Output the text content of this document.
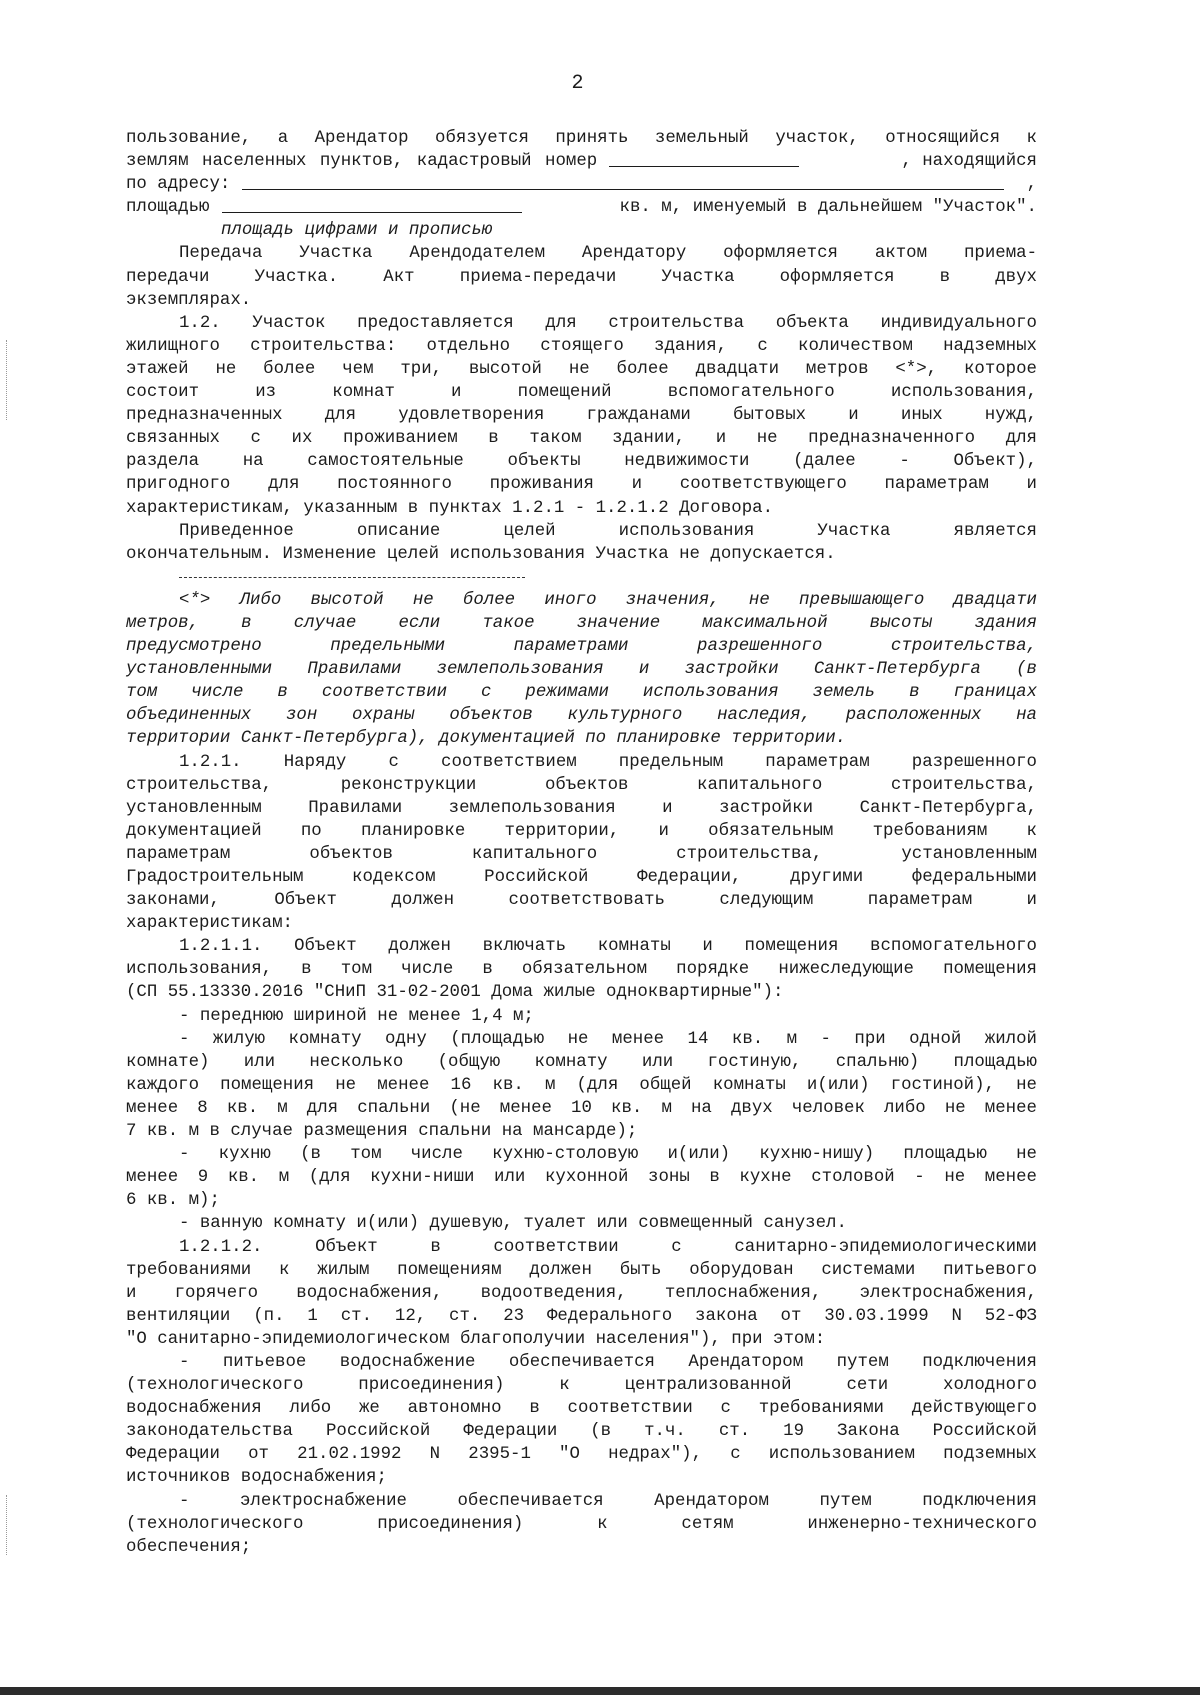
2
пользование, а Арендатор обязуется принять земельный участок, относящийся к
землям населенных пунктов, кадастровый номер	, находящийся
по адресу:	,
площадью	кв. м, именуемый в дальнейшем "Участок".
площадь цифрами и прописью
Передача Участка Арендодателем Арендатору оформляется актом приема-
передачи Участка. Акт приема-передачи Участка оформляется в двух
экземплярах.
1.2. Участок предоставляется для строительства объекта индивидуального
жилищного строительства: отдельно стоящего здания, с количеством надземных
этажей не более чем три, высотой не более двадцати метров <*>, которое
состоит из комнат и помещений вспомогательного использования,
предназначенных для удовлетворения гражданами бытовых и иных нужд,
связанных с их проживанием в таком здании, и не предназначенного для
раздела на самостоятельные объекты недвижимости (далее - Объект),
пригодного для постоянного проживания и соответствующего параметрам и
характеристикам, указанным в пунктах 1.2.1 - 1.2.1.2 Договора.
Приведенное описание целей использования Участка является
окончательным. Изменение целей использования Участка не допускается.
<*> Либо высотой не более иного значения, не превышающего двадцати
метров, в случае если такое значение максимальной высоты здания
предусмотрено предельными параметрами разрешенного строительства,
установленными Правилами землепользования и застройки Санкт-Петербурга (в
том числе в соответствии с режимами использования земель в границах
объединенных зон охраны объектов культурного наследия, расположенных на
территории Санкт-Петербурга), документацией по планировке территории.
1.2.1. Наряду с соответствием предельным параметрам разрешенного
строительства, реконструкции объектов капитального строительства,
установленным Правилами землепользования и застройки Санкт-Петербурга,
документацией по планировке территории, и обязательным требованиям к
параметрам объектов капитального строительства, установленным
Градостроительным кодексом Российской Федерации, другими федеральными
законами, Объект должен соответствовать следующим параметрам и
характеристикам:
1.2.1.1. Объект должен включать комнаты и помещения вспомогательного
использования, в том числе в обязательном порядке нижеследующие помещения
(СП 55.13330.2016 "СНиП 31-02-2001 Дома жилые одноквартирные"):
- переднюю шириной не менее 1,4 м;
- жилую комнату одну (площадью не менее 14 кв. м - при одной жилой
комнате) или несколько (общую комнату или гостиную, спальню) площадью
каждого помещения не менее 16 кв. м (для общей комнаты и(или) гостиной), не
менее 8 кв. м для спальни (не менее 10 кв. м на двух человек либо не менее
7 кв. м в случае размещения спальни на мансарде);
- кухню (в том числе кухню-столовую и(или) кухню-нишу) площадью не
менее 9 кв. м (для кухни-ниши или кухонной зоны в кухне столовой - не менее
6 кв. м);
- ванную комнату и(или) душевую, туалет или совмещенный санузел.
1.2.1.2. Объект в соответствии с санитарно-эпидемиологическими
требованиями к жилым помещениям должен быть оборудован системами питьевого
и горячего водоснабжения, водоотведения, теплоснабжения, электроснабжения,
вентиляции (п. 1 ст. 12, ст. 23 Федерального закона от 30.03.1999 N 52-ФЗ
"О санитарно-эпидемиологическом благополучии населения"), при этом:
- питьевое водоснабжение обеспечивается Арендатором путем подключения
(технологического присоединения) к централизованной сети холодного
водоснабжения либо же автономно в соответствии с требованиями действующего
законодательства Российской Федерации (в т.ч. ст. 19 Закона Российской
Федерации от 21.02.1992 N 2395-1 "О недрах"), с использованием подземных
источников водоснабжения;
- электроснабжение обеспечивается Арендатором путем подключения
(технологического присоединения) к сетям инженерно-технического
обеспечения;
